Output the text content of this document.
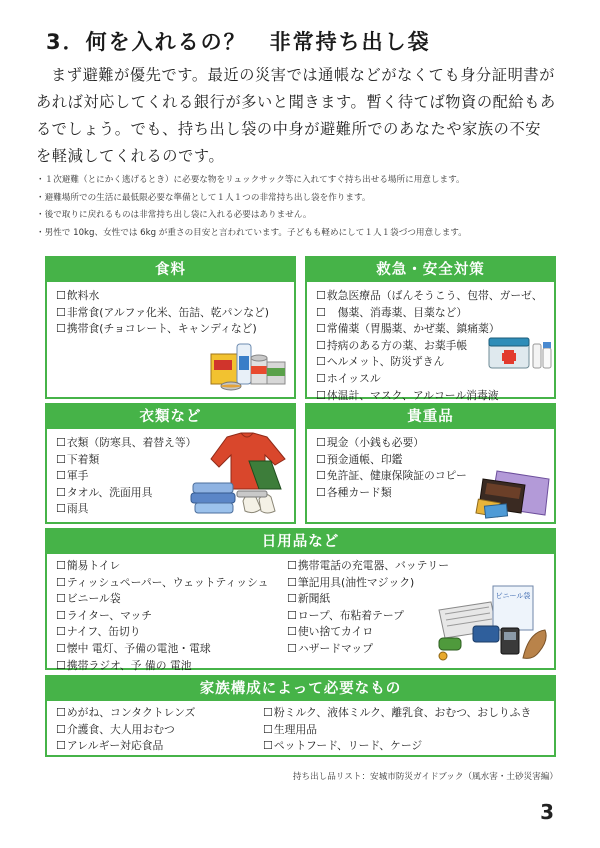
3．何を入れるの？　非常持ち出し袋
まず避難が優先です。最近の災害では通帳などがなくても身分証明書があれば対応してくれる銀行が多いと聞きます。暫く待てば物資の配給もあるでしょう。でも、持ち出し袋の中身が避難所でのあなたや家族の不安を軽減してくれるのです。
・１次避難（とにかく逃げるとき）に必要な物をリュックサック等に入れてすぐ持ち出せる場所に用意します。
・避難場所での生活に最低限必要な準備として１人１つの非常持ち出し袋を作ります。
・後で取りに戻れるものは非常持ち出し袋に入れる必要はありません。
・男性で 10kg、女性では 6kg が重さの目安と言われています。子どもも軽めにして１人１袋づつ用意します。
食料
☐ 飲料水
☐ 非常食(アルファ化米、缶詰、乾パンなど)
☐ 携帯食(チョコレート、キャンディなど)
救急・安全対策
☐ 救急医療品（ばんそうこう、包帯、ガーゼ、
☐ 　傷薬、消毒薬、目薬など）
☐ 常備薬（胃腸薬、かぜ薬、鎮痛薬）
☐ 持病のある方の薬、お薬手帳
☐ ヘルメット、防災ずきん
☐ ホイッスル
☐ 体温計、マスク、アルコール消毒液
衣類など
☐ 衣類（防寒具、着替え等）
☐ 下着類
☐ 軍手
☐ タオル、洗面用具
☐ 雨具
貴重品
☐ 現金（小銭も必要）
☐ 預金通帳、印鑑
☐ 免許証、健康保険証のコピー
☐ 各種カード類
日用品など
☐ 簡易トイレ
☐ ティッシュペーパー、ウェットティッシュ
☐ ビニール袋
☐ ライター、マッチ
☐ ナイフ、缶切り
☐ 懐中 電灯、予備の電池・電球
☐ 携帯ラジオ、予 備の 電池
☐ 携帯電話の充電器、バッテリー
☐ 筆記用具(油性マジック)
☐ 新聞紙
☐ ロープ、布粘着テープ
☐ 使い捨てカイロ
☐ ハザードマップ
ビニール袋
家族構成によって必要なもの
☐ めがね、コンタクトレンズ
☐ 介護食、大人用おむつ
☐ アレルギー対応食品
☐ 粉ミルク、液体ミルク、離乳食、おむつ、おしりふき
☐ 生理用品
☐ ペットフード、リード、ケージ
持ち出し品リスト：安城市防災ガイドブック（風水害・土砂災害編）
3
